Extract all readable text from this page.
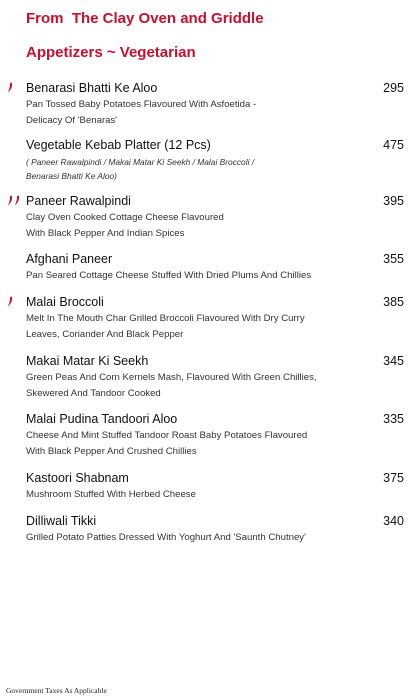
From  The Clay Oven and Griddle
Appetizers ~ Vegetarian
Benarasi Bhatti Ke Aloo	295
Pan Tossed Baby Potatoes Flavoured With Asfoetida -
Delicacy Of 'Benaras'
Vegetable Kebab Platter (12 Pcs)	475
( Paneer Rawalpindi / Makai Matar Ki Seekh / Malai Broccoli /
Benarasi Bhatti Ke Aloo)
Paneer Rawalpindi	395
Clay Oven Cooked Cottage Cheese Flavoured
With Black Pepper And Indian Spices
Afghani Paneer	355
Pan Seared Cottage Cheese Stuffed With Dried Plums And Chillies
Malai Broccoli	385
Melt In The Mouth Char Grilled Broccoli Flavoured With Dry Curry
Leaves, Coriander And Black Pepper
Makai Matar Ki Seekh	345
Green Peas And Corn Kernels Mash, Flavoured With Green Chillies,
Skewered And Tandoor Cooked
Malai Pudina Tandoori Aloo	335
Cheese And Mint Stuffed Tandoor Roast Baby Potatoes Flavoured
With Black Pepper And Crushed Chillies
Kastoori Shabnam	375
Mushroom Stuffed With Herbed Cheese
Dilliwali Tikki	340
Grilled Potato Patties Dressed With Yoghurt And 'Saunth Chutney'
Government Taxes As Applicable
